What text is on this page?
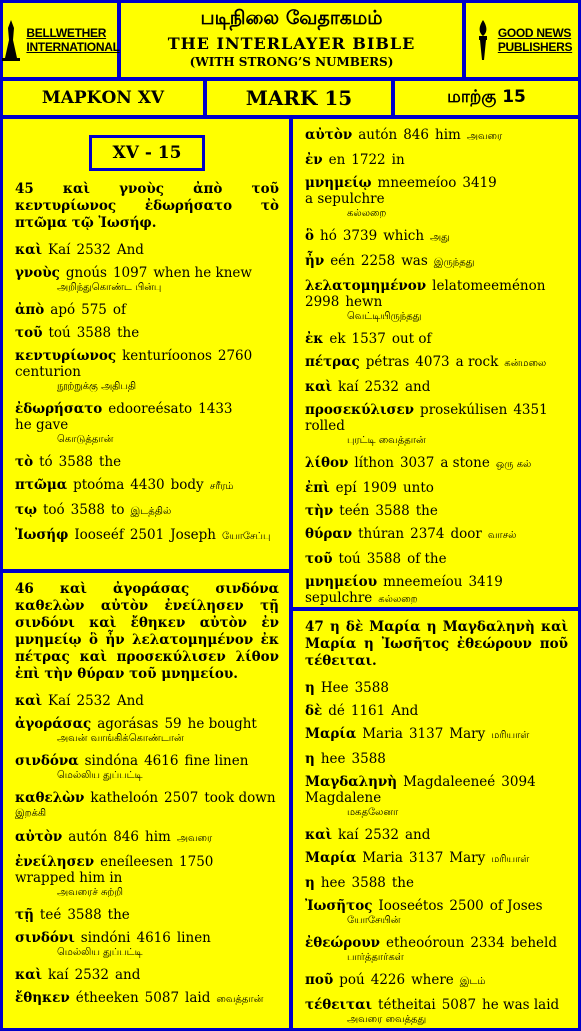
BELLWETHER
INTERNATIONAL
படிநிலை வேதாகமம்
THE INTERLAYER BIBLE
(WITH STRONG’S NUMBERS)
GOOD NEWS
PUBLISHERS
ΜΑΡΚΟΝ XV	MARK 15	மாற்கு 15
XV - 15
45 καὶ γνοὺς ἀπὸ τοῦ κεντυρίωνος ἐδωρήσατο τὸ πτῶμα τῷ Ἰωσήφ.
καὶ Kaí 2532 And
γνοὺς gnoús 1097 when he knew
அறிந்துகொண்ட பின்பு
ἀπὸ apó 575 of
τοῦ toú 3588 the
κεντυρίωνος kenturíoonos 2760
centurion
நூற்றுக்கு அதிபதி
ἐδωρήσατο edooreésato 1433
he gave
கொடுத்தான்
τὸ tó 3588 the
πτῶμα ptoóma 4430 body சரீரம்
τῳ toó 3588 to இடத்தில்
Ἰωσήφ Iooseéf 2501 Joseph யோசேப்பு
46 καὶ ἀγοράσας σινδόνα καθελὼν αὐτὸν ἐνείλησεν τῇ σινδόνι καὶ ἔθηκεν αὐτὸν ἐν μνημείῳ ὃ ἦν λελατομημένον ἐκ πέτρας καὶ προσεκύλισεν λίθον ἐπὶ τὴν θύραν τοῦ μνημείου.
καὶ Kaí 2532 And
ἀγοράσας agorásas 59 he bought
அவன் வாங்கிக்கொண்டான்
σινδόνα sindóna 4616 fine linen
மெல்லிய துப்பட்டி
καθελὼν katheloón 2507 took down
இறக்கி
αὐτὸν autón 846 him அவரை
ἐνείλησεν eneíleesen 1750
wrapped him in
அவரைச் சுற்றி
τῇ teé 3588 the
σινδόνι sindóni 4616 linen
மெல்லிய துப்பட்டி
καὶ kaí 2532 and
ἔθηκεν étheeken 5087 laid வைத்தான்
αὐτὸν autón 846 him அவரை
ἐν en 1722 in
μνημείῳ mneemeíoo 3419
a sepulchre
கல்லறை
ὃ hó 3739 which அது
ἦν eén 2258 was இருந்தது
λελατομημένον lelatomeeménon
2998 hewn
வெட்டியிருந்தது
ἐκ ek 1537 out of
πέτρας pétras 4073 a rock கன்மலை
καὶ kaí 2532 and
προσεκύλισεν prosekúlisen 4351
rolled
புரட்டி வைத்தான்
λίθον líthon 3037 a stone ஒரு கல்
ἐπὶ epí 1909 unto
τὴν teén 3588 the
θύραν thúran 2374 door வாசல்
τοῦ toú 3588 of the
μνημείου mneemeíou 3419
sepulchre கல்லறை
47 η δὲ Μαρία η Μαγδαληνὴ καὶ Μαρία η Ἰωσῆτος ἐθεώρουν ποῦ τέθειται.
η Hee 3588
δὲ dé 1161 And
Μαρία Maria 3137 Mary மரியாள்
η hee 3588
Μαγδαληνὴ Magdaleeneé 3094
Magdalene
மகதலேனா
καὶ kaí 2532 and
Μαρία Maria 3137 Mary மரியாள்
η hee 3588 the
Ἰωσῆτος Iooseétos 2500 of Joses
யோசேயின்
ἐθεώρουν etheoóroun 2334 beheld
பார்த்தார்கள்
ποῦ poú 4226 where இடம்
τέθειται tétheitai 5087 he was laid
அவரை வைத்தது
